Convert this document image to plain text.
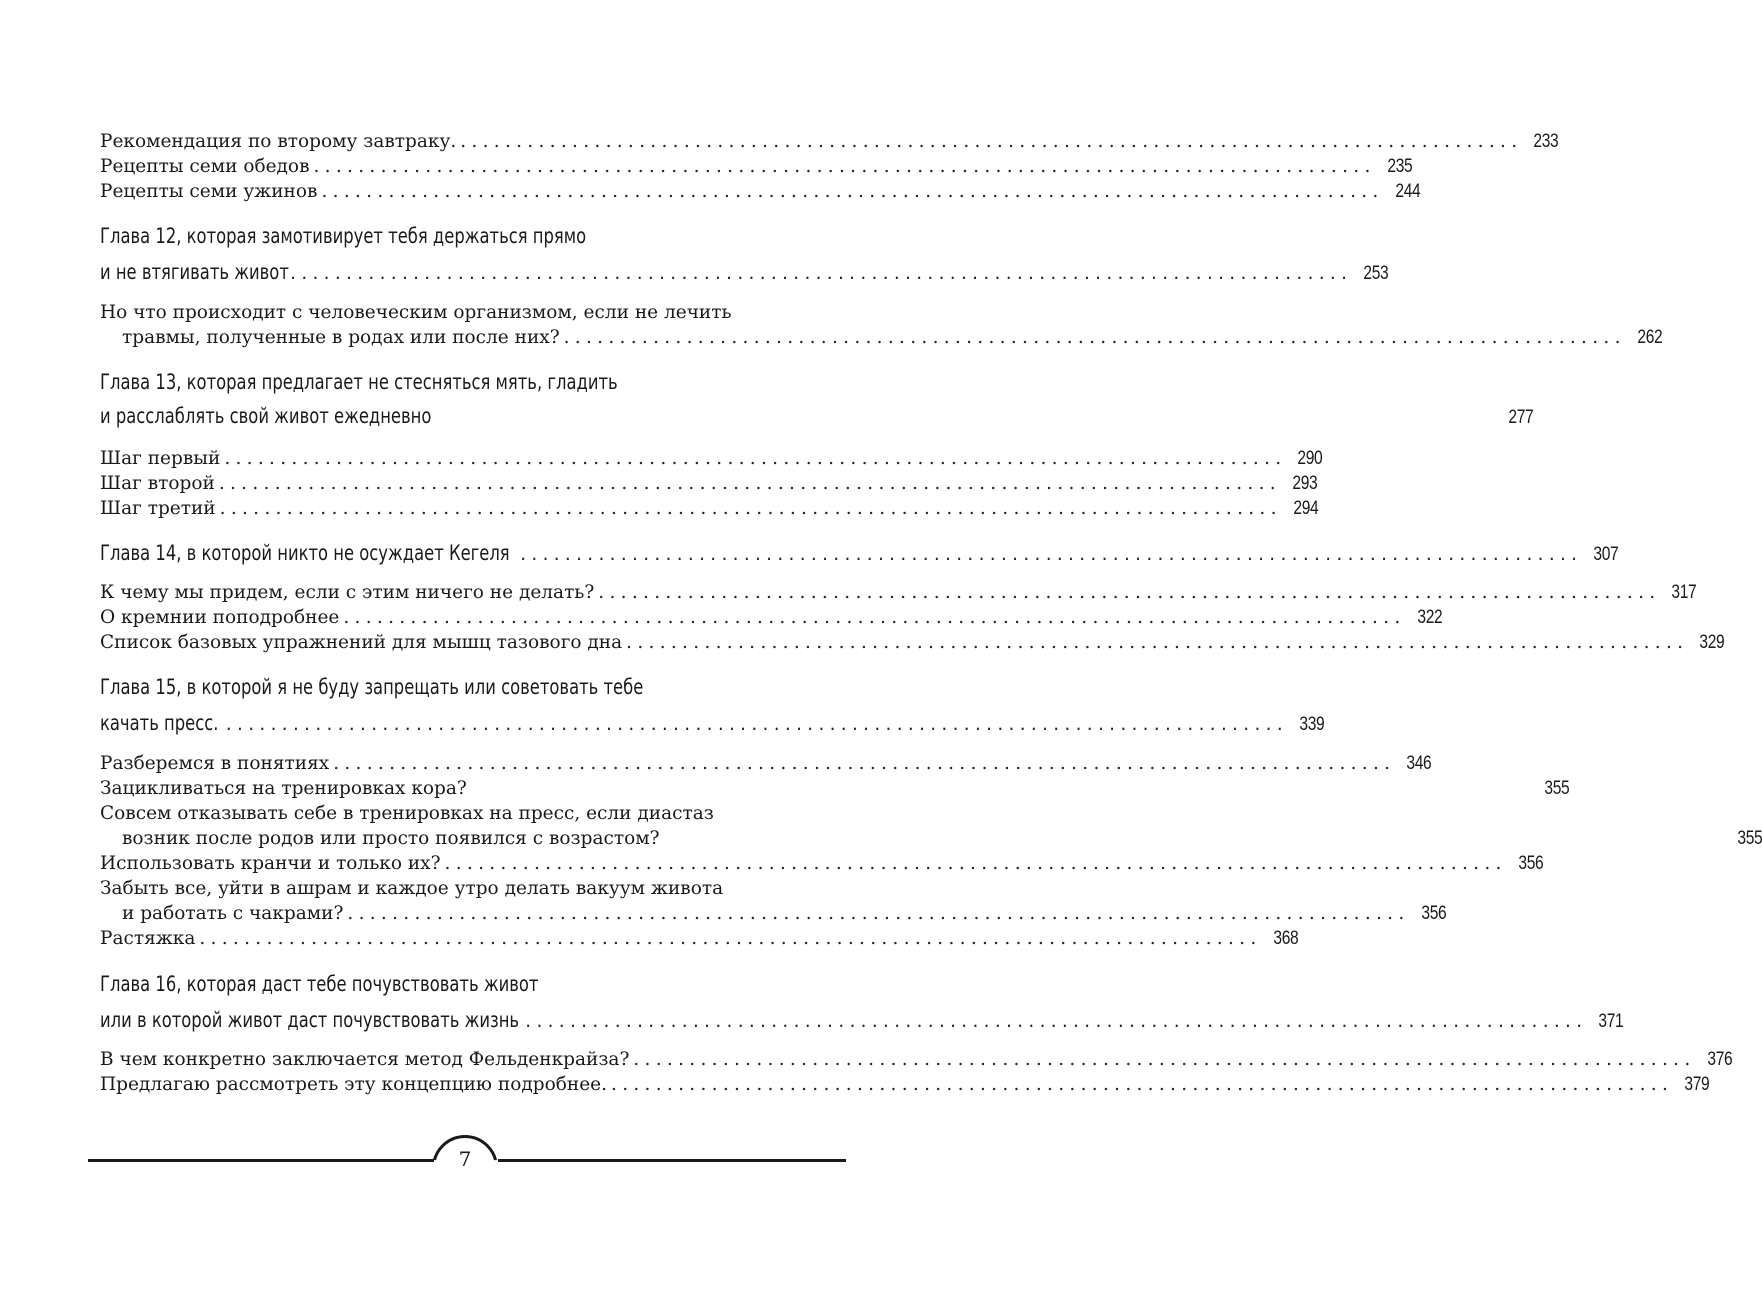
Рекомендация по второму завтраку. ............................................................................................... 233
Рецепты семи обедов ............................................................................................... 235
Рецепты семи ужинов ............................................................................................... 244
Глава 12, которая замотивирует тебя держаться прямо
и не втягивать живот ............................................................................................... 253
Но что происходит с человеческим организмом, если не лечить
травмы, полученные в родах или после них? ............................................................................................... 262
Глава 13, которая предлагает не стесняться мять, гладить
и расслаблять свой живот ежедневно	277
Шаг первый ............................................................................................... 290
Шаг второй ............................................................................................... 293
Шаг третий ............................................................................................... 294
Глава 14, в которой никто не осуждает Кегеля ............................................................................................... 307
К чему мы придем, если с этим ничего не делать? ............................................................................................... 317
О кремнии поподробнее ............................................................................................... 322
Список базовых упражнений для мышц тазового дна ............................................................................................... 329
Глава 15, в которой я не буду запрещать или советовать тебе
качать пресс. ............................................................................................... 339
Разберемся в понятиях ............................................................................................... 346
Зацикливаться на тренировках кора?	355
Совсем отказывать себе в тренировках на пресс, если диастаз
возник после родов или просто появился с возрастом?	355
Использовать кранчи и только их? ............................................................................................... 356
Забыть все, уйти в ашрам и каждое утро делать вакуум живота
и работать с чакрами? ............................................................................................... 356
Растяжка ............................................................................................... 368
Глава 16, которая даст тебе почувствовать живот
или в которой живот даст почувствовать жизнь ............................................................................................... 371
В чем конкретно заключается метод Фельденкрайза? ............................................................................................... 376
Предлагаю рассмотреть эту концепцию подробнее. ............................................................................................... 379
7
